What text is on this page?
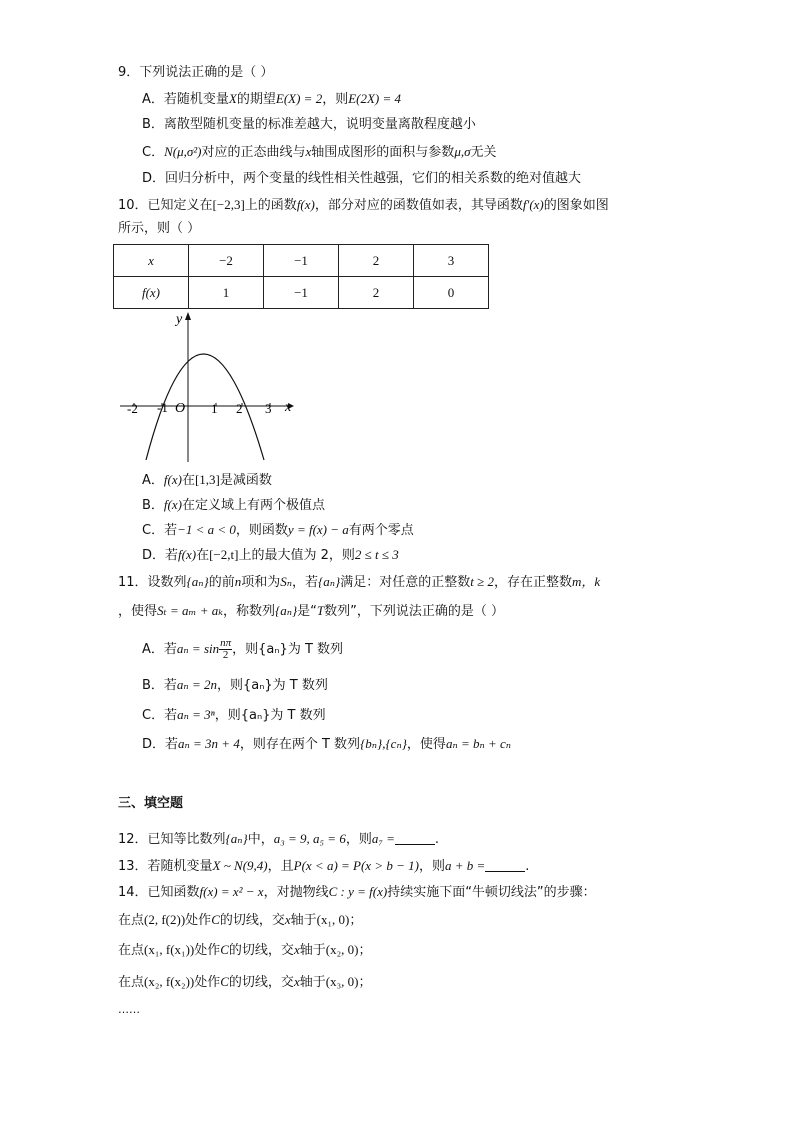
9．下列说法正确的是（ ）
A．若随机变量X的期望E(X) = 2，则E(2X) = 4
B．离散型随机变量的标准差越大，说明变量离散程度越小
C．N(μ,σ²)对应的正态曲线与x轴围成图形的面积与参数μ,σ无关
D．回归分析中，两个变量的线性相关性越强，它们的相关系数的绝对值越大
10．已知定义在[−2,3]上的函数f(x)，部分对应的函数值如表，其导函数f′(x)的图象如图
所示，则（ ）
x	−2	−1	2	3
f(x)	1	−1	2	0
y
x
O
-2 -1	1 2 3
A．f(x)在[1,3]是减函数
B．f(x)在定义域上有两个极值点
C．若−1 < a < 0，则函数y = f(x) − a有两个零点
D．若f(x)在[−2,t]上的最大值为 2，则2 ≤ t ≤ 3
11．设数列{aₙ}的前n项和为Sₙ，若{aₙ}满足：对任意的正整数t ≥ 2，存在正整数m，k
，使得Sₜ = aₘ + aₖ，称数列{aₙ}是“T数列”，下列说法正确的是（ ）
A．若$a_n = \sin \frac{n\pi}{2}$ ，则{aₙ}为 T 数列
B．若aₙ = 2n，则{aₙ}为 T 数列
C．若aₙ = 3ⁿ，则{aₙ}为 T 数列
D．若aₙ = 3n + 4，则存在两个 T 数列{bₙ},{cₙ}，使得aₙ = bₙ + cₙ
三、填空题
12．已知等比数列{aₙ}中，a₃ = 9, a₅ = 6，则a₇ =	.
13．若随机变量X ~ N(9,4)，且P(x < a) = P(x > b − 1)，则a + b =	.
14．已知函数f(x) = x² − x，对抛物线C : y = f(x)持续实施下面“牛顿切线法”的步骤：
在点(2, f(2))处作C的切线，交x轴于(x₁, 0)；
在点(x₁, f(x₁))处作C的切线，交x轴于(x₂, 0)；
在点(x₂, f(x₂))处作C的切线，交x轴于(x₃, 0)；
……
